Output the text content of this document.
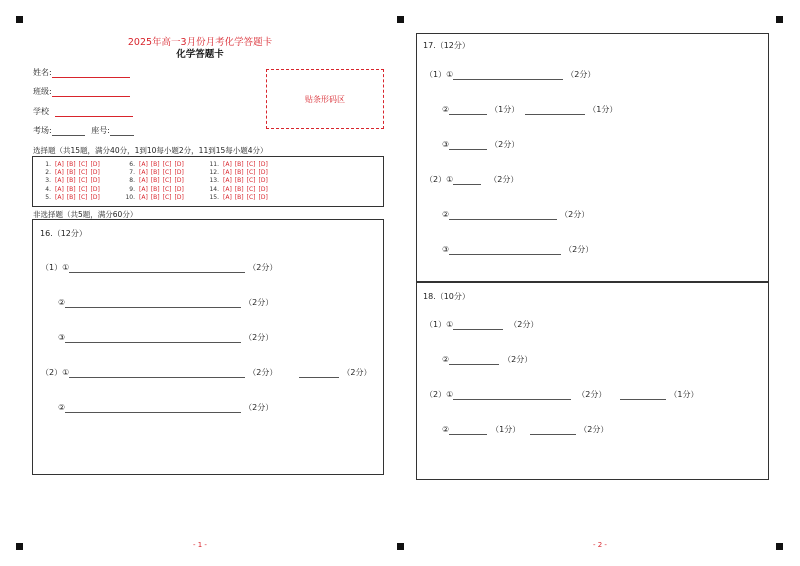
2025年高一3月份月考化学答题卡
化学答题卡
姓名:
班级:
学校
考场:	座号:
贴条形码区
选择题（共15题，满分40分，1到10每小题2分，11到15每小题4分）
1. [A] [B] [C] [D]
2. [A] [B] [C] [D]
3. [A] [B] [C] [D]
4. [A] [B] [C] [D]
5. [A] [B] [C] [D]
6. [A] [B] [C] [D]
7. [A] [B] [C] [D]
8. [A] [B] [C] [D]
9. [A] [B] [C] [D]
10. [A] [B] [C] [D]
11. [A] [B] [C] [D]
12. [A] [B] [C] [D]
13. [A] [B] [C] [D]
14. [A] [B] [C] [D]
15. [A] [B] [C] [D]
非选择题（共5题，满分60分）
16.（12分）
（1）①	（2分）
②	（2分）
③	（2分）
（2）①	（2分）	（2分）
②	（2分）
- 1 -
17.（12分）
（1）①	（2分）
②	（1分）	（1分）
③	（2分）
（2）①	（2分）
②	（2分）
③	（2分）
18.（10分）
（1）①	（2分）
②	（2分）
（2）①	（2分）	（1分）
②	（1分）	（2分）
- 2 -
